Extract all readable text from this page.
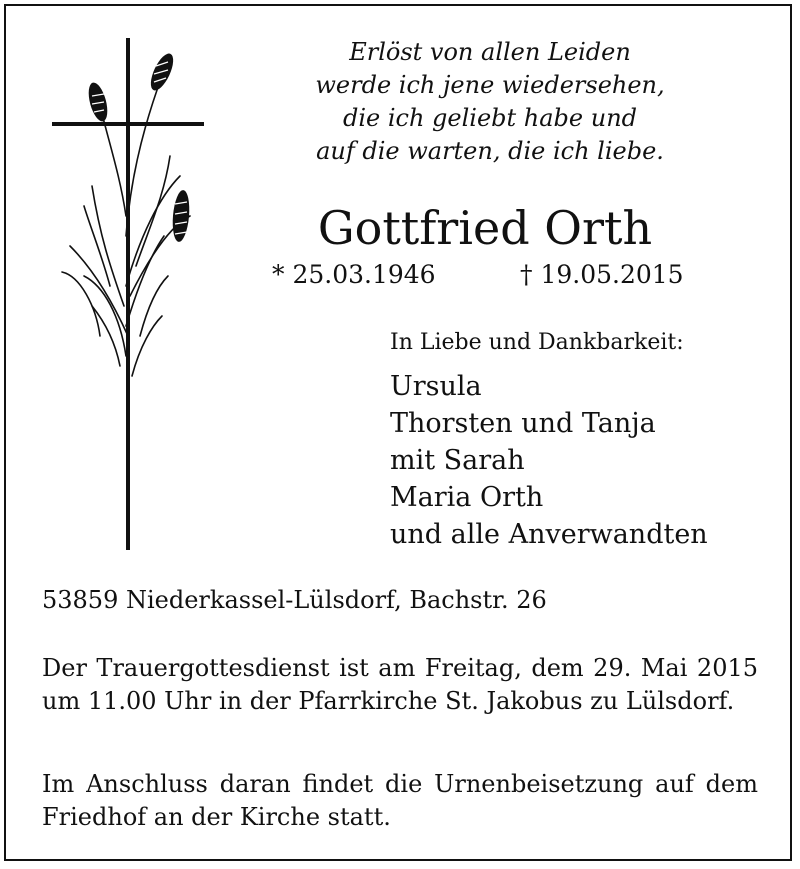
Erlöst von allen Leiden
werde ich jene wiedersehen,
die ich geliebt habe und
auf die warten, die ich liebe.
Gottfried Orth
* 25.03.1946	† 19.05.2015
In Liebe und Dankbarkeit:
Ursula
Thorsten und Tanja
mit Sarah
Maria Orth
und alle Anverwandten
53859 Niederkassel-Lülsdorf, Bachstr. 26
Der Trauergottesdienst ist am Freitag, dem 29. Mai 2015 um 11.00 Uhr in der Pfarrkirche St. Jakobus zu Lülsdorf.
Im Anschluss daran findet die Urnenbeisetzung auf dem Friedhof an der Kirche statt.
